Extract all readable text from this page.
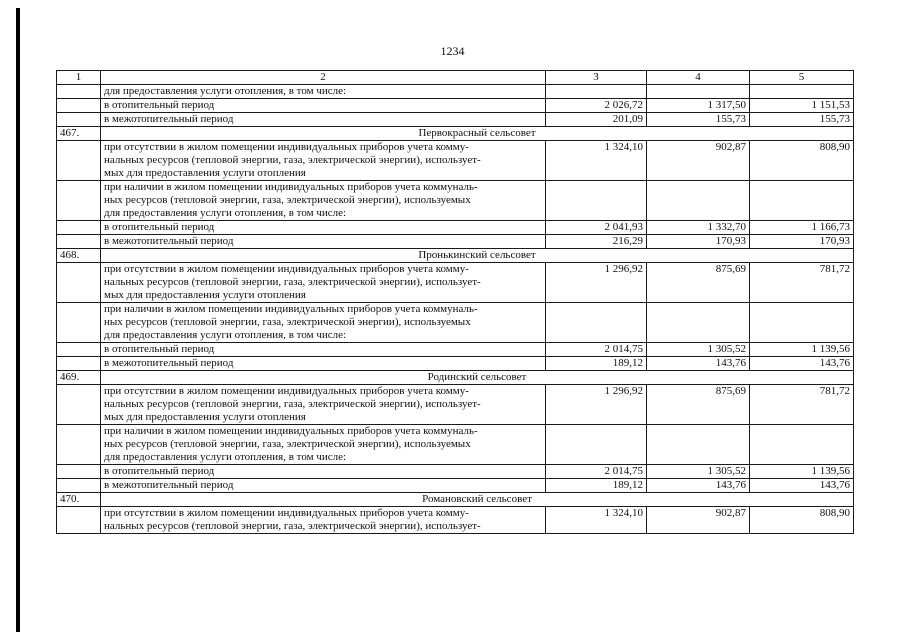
1234
1	2	3	4	5

	для предоставления услуги отопления, в том числе:			

	в отопительный период	2 026,72	1 317,50	1 151,53

	в межотопительный период	201,09	155,73	155,73
467.	Первокрасный сельсовет			

	при отсутствии в жилом помещении индивидуальных приборов учета комму-
нальных ресурсов (тепловой энергии, газа, электрической энергии), использует-
мых для предоставления услуги отопления	1 324,10	902,87	808,90

	при наличии в жилом помещении индивидуальных приборов учета коммуналь-
ных ресурсов (тепловой энергии, газа, электрической энергии), используемых
для предоставления услуги отопления, в том числе:			

	в отопительный период	2 041,93	1 332,70	1 166,73

	в межотопительный период	216,29	170,93	170,93
468.	Пронькинский сельсовет			

	при отсутствии в жилом помещении индивидуальных приборов учета комму-
нальных ресурсов (тепловой энергии, газа, электрической энергии), использует-
мых для предоставления услуги отопления	1 296,92	875,69	781,72

	при наличии в жилом помещении индивидуальных приборов учета коммуналь-
ных ресурсов (тепловой энергии, газа, электрической энергии), используемых
для предоставления услуги отопления, в том числе:			

	в отопительный период	2 014,75	1 305,52	1 139,56

	в межотопительный период	189,12	143,76	143,76
469.	Родинский сельсовет			

	при отсутствии в жилом помещении индивидуальных приборов учета комму-
нальных ресурсов (тепловой энергии, газа, электрической энергии), использует-
мых для предоставления услуги отопления	1 296,92	875,69	781,72

	при наличии в жилом помещении индивидуальных приборов учета коммуналь-
ных ресурсов (тепловой энергии, газа, электрической энергии), используемых
для предоставления услуги отопления, в том числе:			

	в отопительный период	2 014,75	1 305,52	1 139,56

	в межотопительный период	189,12	143,76	143,76
470.	Романовский сельсовет			

	при отсутствии в жилом помещении индивидуальных приборов учета комму-
нальных ресурсов (тепловой энергии, газа, электрической энергии), использует-	1 324,10	902,87	808,90
